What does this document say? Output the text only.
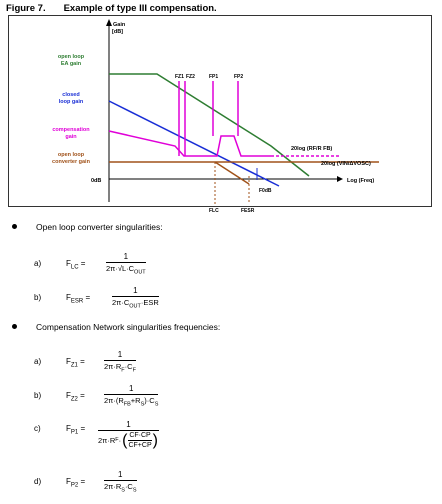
Figure 7. Example of type III compensation.
Gain
[dB]
0dB	Log (Freq)
open loop
EA gain
closed
loop gain
compensation
gain
open loop
converter gain
F0dB
FZ1 FZ2	FP1	FP2
FLC	FESR
20log (RF/R FB)
20log (VIN/ΔVOSC)
Open loop converter singularities:
a)	$F_{LC}$ =
1
$2\pi\cdot√L\cdot C_{OUT}$
b)	$F_{ESR}$ =
1
$2\pi\cdot C_{OUT}\cdot ESR$
Compensation Network singularities frequencies:
a)	$F_{Z1}$ =
1
$2\pi\cdot R_F\cdot C_F$
b)	$F_{Z2}$ =
1
$2\pi\cdot(R_{FB}+R_S)\cdot C_S$
c)	$F_{P1}$ =	1
2π·R F · ( CF·CP
CF+CP )
d)	$F_{P2}$ =
1
$2\pi\cdot R_S\cdot C_S$
